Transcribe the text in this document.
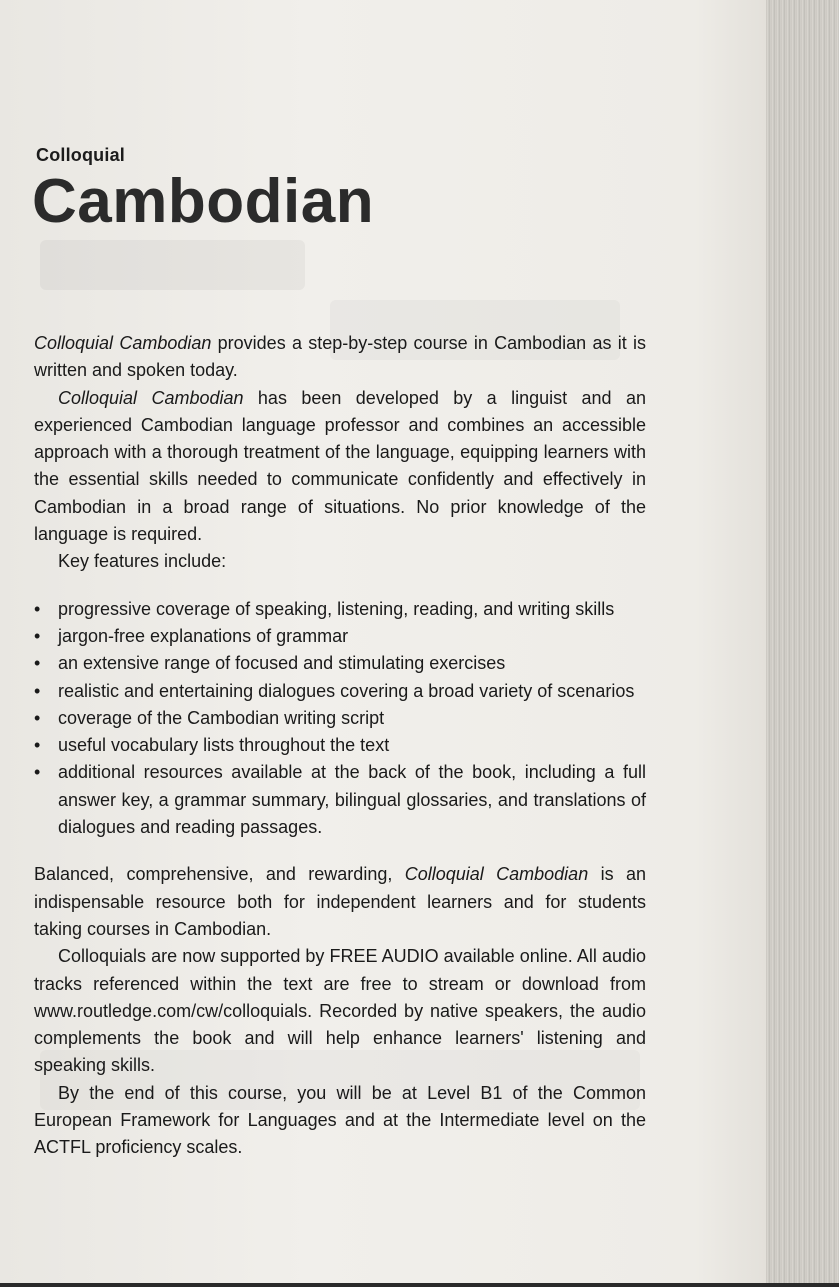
Colloquial
Cambodian

Colloquial Cambodian provides a step-by-step course in Cambodian as it is written and spoken today.

Colloquial Cambodian has been developed by a linguist and an experienced Cambodian language professor and combines an accessible approach with a thorough treatment of the language, equipping learners with the essential skills needed to communicate confidently and effectively in Cambodian in a broad range of situations. No prior knowledge of the language is required.

Key features include:

• progressive coverage of speaking, listening, reading, and writing skills
• jargon-free explanations of grammar
• an extensive range of focused and stimulating exercises
• realistic and entertaining dialogues covering a broad variety of scenarios
• coverage of the Cambodian writing script
• useful vocabulary lists throughout the text
• additional resources available at the back of the book, including a full answer key, a grammar summary, bilingual glossaries, and translations of dialogues and reading passages.

Balanced, comprehensive, and rewarding, Colloquial Cambodian is an indispensable resource both for independent learners and for students taking courses in Cambodian.

Colloquials are now supported by FREE AUDIO available online. All audio tracks referenced within the text are free to stream or download from www.routledge.com/cw/colloquials. Recorded by native speakers, the audio complements the book and will help enhance learners' listening and speaking skills.

By the end of this course, you will be at Level B1 of the Common European Framework for Languages and at the Intermediate level on the ACTFL proficiency scales.
